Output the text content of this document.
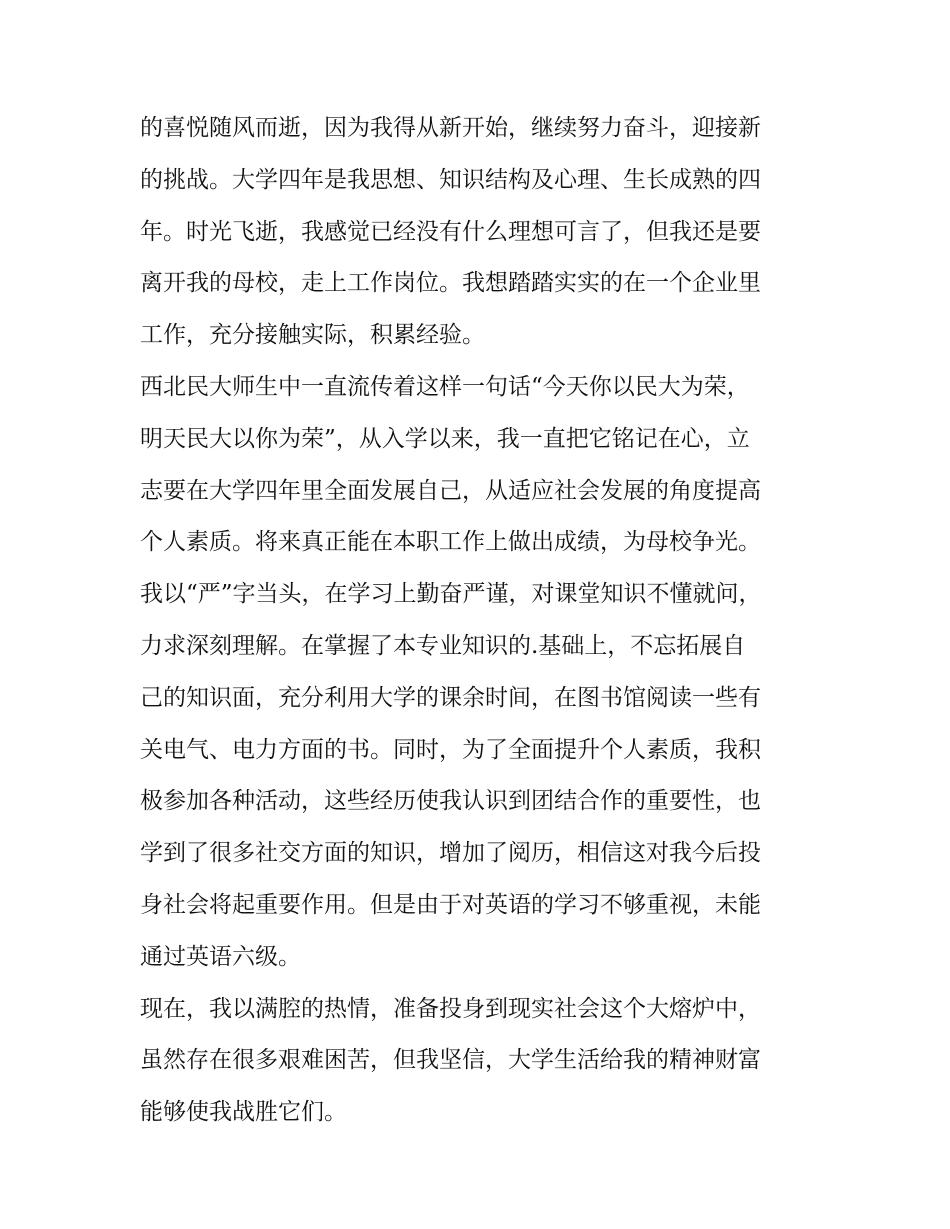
的喜悦随风而逝，因为我得从新开始，继续努力奋斗，迎接新
的挑战。大学四年是我思想、知识结构及心理、生长成熟的四
年。时光飞逝，我感觉已经没有什么理想可言了，但我还是要
离开我的母校，走上工作岗位。我想踏踏实实的在一个企业里
工作，充分接触实际，积累经验。
西北民大师生中一直流传着这样一句话“今天你以民大为荣，
明天民大以你为荣”，从入学以来，我一直把它铭记在心，立
志要在大学四年里全面发展自己，从适应社会发展的角度提高
个人素质。将来真正能在本职工作上做出成绩，为母校争光。
我以“严”字当头，在学习上勤奋严谨，对课堂知识不懂就问，
力求深刻理解。在掌握了本专业知识的.基础上，不忘拓展自
己的知识面，充分利用大学的课余时间，在图书馆阅读一些有
关电气、电力方面的书。同时，为了全面提升个人素质，我积
极参加各种活动，这些经历使我认识到团结合作的重要性，也
学到了很多社交方面的知识，增加了阅历，相信这对我今后投
身社会将起重要作用。但是由于对英语的学习不够重视，未能
通过英语六级。
现在，我以满腔的热情，准备投身到现实社会这个大熔炉中，
虽然存在很多艰难困苦，但我坚信，大学生活给我的精神财富
能够使我战胜它们。
